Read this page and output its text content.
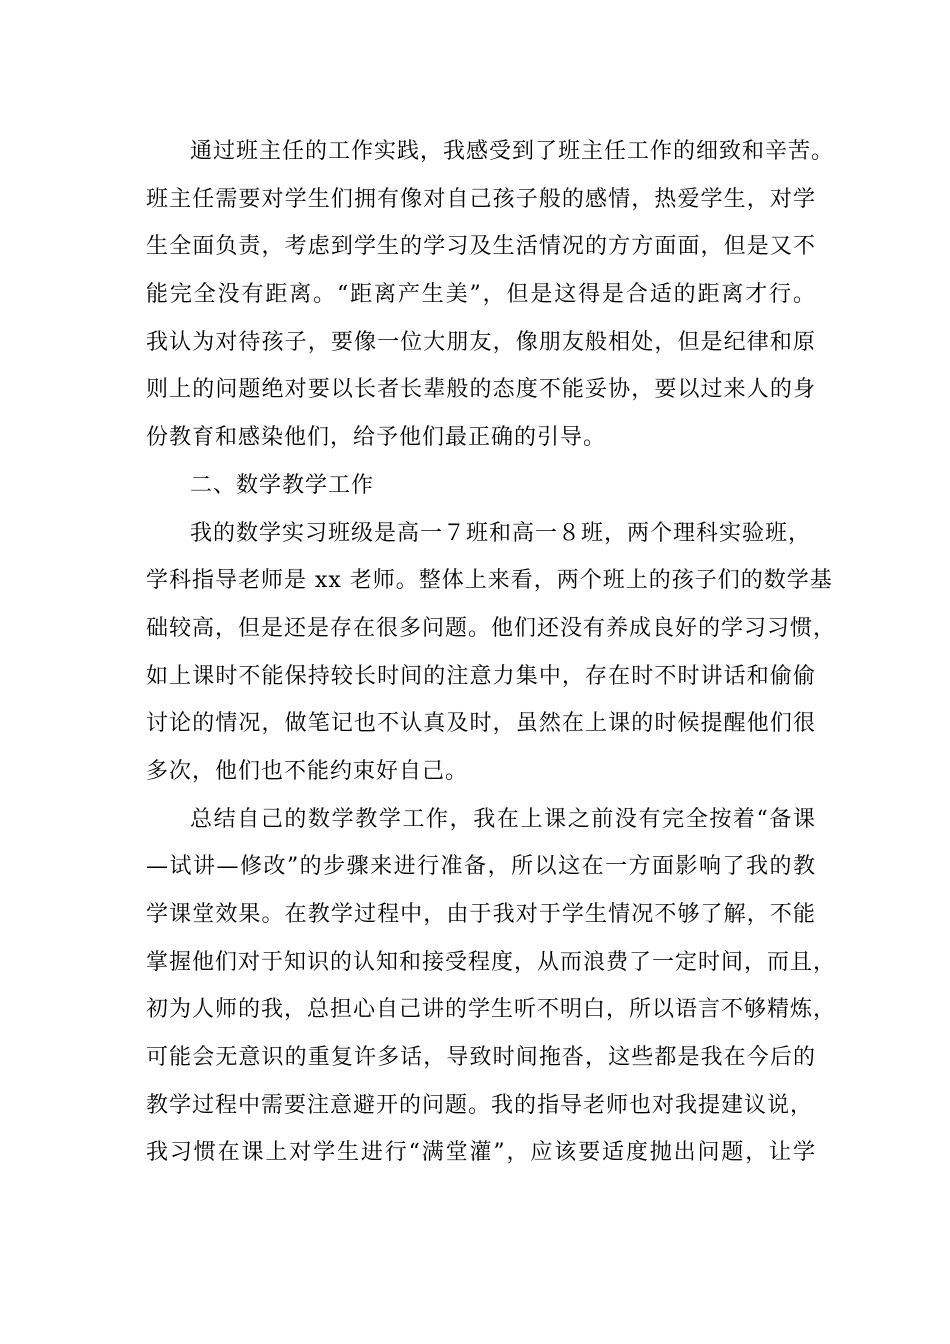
通过班主任的工作实践，我感受到了班主任工作的细致和辛苦。
班主任需要对学生们拥有像对自己孩子般的感情，热爱学生，对学
生全面负责，考虑到学生的学习及生活情况的方方面面，但是又不
能完全没有距离。“距离产生美”，但是这得是合适的距离才行。
我认为对待孩子，要像一位大朋友，像朋友般相处，但是纪律和原
则上的问题绝对要以长者长辈般的态度不能妥协，要以过来人的身
份教育和感染他们，给予他们最正确的引导。
二、数学教学工作
我的数学实习班级是高一７班和高一８班，两个理科实验班，
学科指导老师是 xx 老师。整体上来看，两个班上的孩子们的数学基
础较高，但是还是存在很多问题。他们还没有养成良好的学习习惯，
如上课时不能保持较长时间的注意力集中，存在时不时讲话和偷偷
讨论的情况，做笔记也不认真及时，虽然在上课的时候提醒他们很
多次，他们也不能约束好自己。
总结自己的数学教学工作，我在上课之前没有完全按着“备课
—试讲—修改”的步骤来进行准备，所以这在一方面影响了我的教
学课堂效果。在教学过程中，由于我对于学生情况不够了解，不能
掌握他们对于知识的认知和接受程度，从而浪费了一定时间，而且，
初为人师的我，总担心自己讲的学生听不明白，所以语言不够精炼，
可能会无意识的重复许多话，导致时间拖沓，这些都是我在今后的
教学过程中需要注意避开的问题。我的指导老师也对我提建议说，
我习惯在课上对学生进行“满堂灌”，应该要适度抛出问题，让学
